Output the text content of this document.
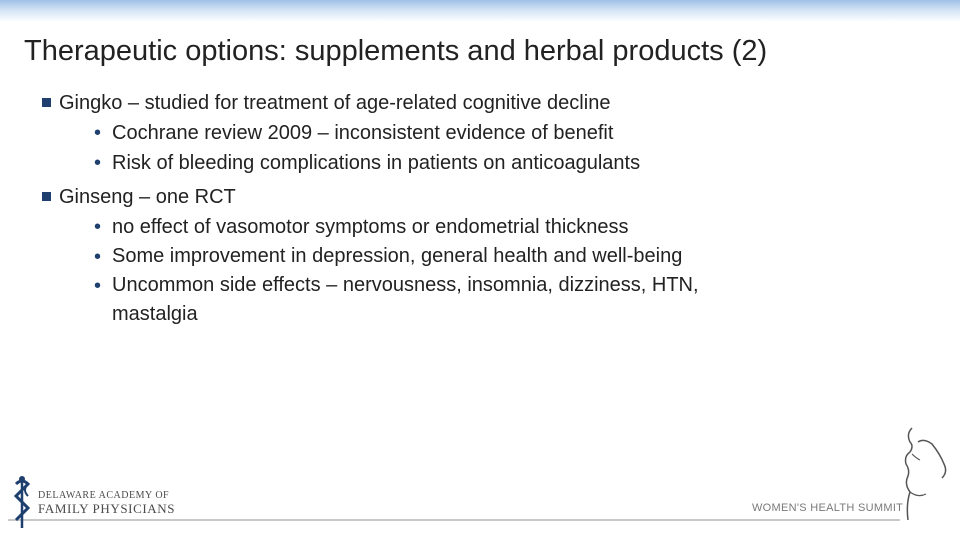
Therapeutic options: supplements and herbal products (2)
Gingko – studied for treatment of age-related cognitive decline
• Cochrane review 2009 – inconsistent evidence of benefit
• Risk of bleeding complications in patients on anticoagulants
Ginseng – one RCT
• no effect of vasomotor symptoms or endometrial thickness
• Some improvement in depression, general health and well-being
• Uncommon side effects – nervousness, insomnia, dizziness, HTN, mastalgia
DELAWARE ACADEMY OF
FAMILY PHYSICIANS	WOMEN'S HEALTH SUMMIT
